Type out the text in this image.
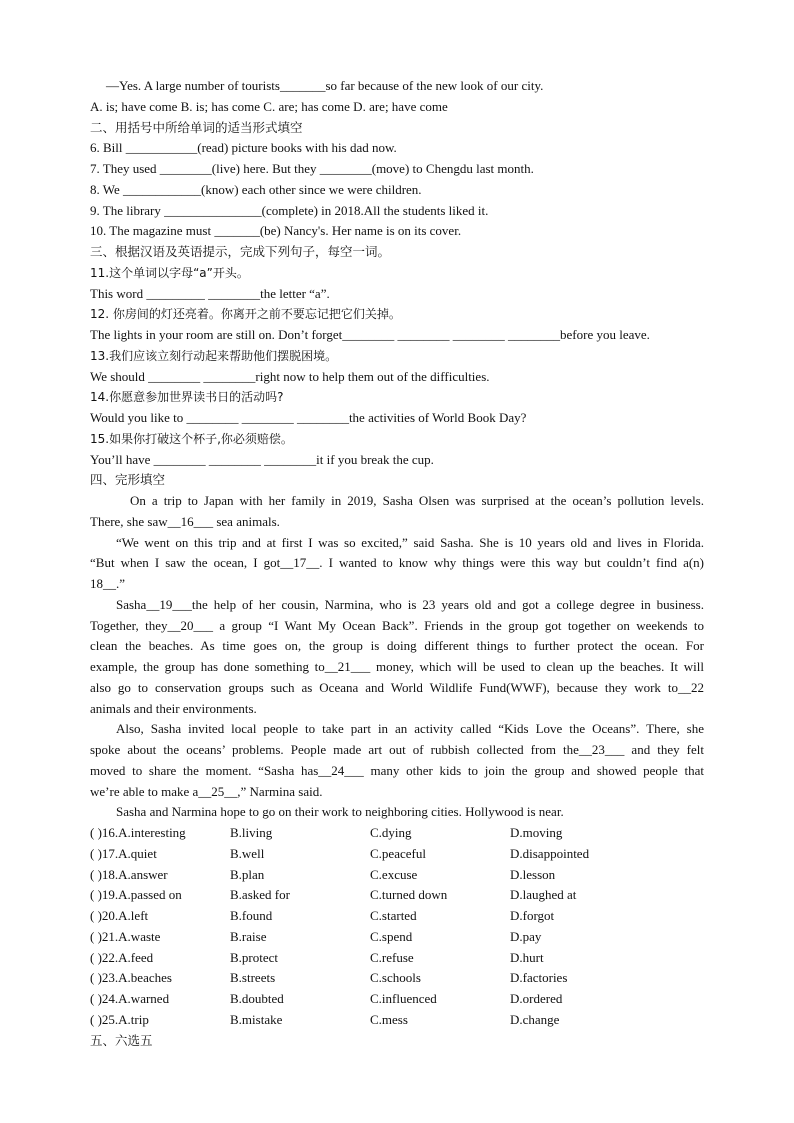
—Yes. A large number of tourists_______so far because of the new look of our city.
A. is; have come B. is; has come C. are; has come D. are; have come
二、用括号中所给单词的适当形式填空
6. Bill ___________(read) picture books with his dad now.
7. They used ________(live) here. But they ________(move) to Chengdu last month.
8. We ____________(know) each other since we were children.
9. The library _______________(complete) in 2018.All the students liked it.
10. The magazine must _______(be) Nancy's. Her name is on its cover.
三、根据汉语及英语提示，完成下列句子，每空一词。
11.这个单词以字母“a”开头。
This word _________ ________the letter “a”.
12. 你房间的灯还亮着。你离开之前不要忘记把它们关掉。
The lights in your room are still on. Don’t forget________ ________ ________ ________before you leave.
13.我们应该立刻行动起来帮助他们摆脱困境。
We should ________ ________right now to help them out of the difficulties.
14.你愿意参加世界读书日的活动吗?
Would you like to ________ ________ ________the activities of World Book Day?
15.如果你打破这个杯子,你必须赔偿。
You’ll have ________ ________ ________it if you break the cup.
四、完形填空
On a trip to Japan with her family in 2019, Sasha Olsen was surprised at the ocean’s pollution levels.
There, she saw__16___ sea animals.
“We went on this trip and at first I was so excited,” said Sasha. She is 10 years old and lives in Florida.
“But when I saw the ocean, I got__17__. I wanted to know why things were this way but couldn’t find a(n)
18__.”
Sasha__19___the help of her cousin, Narmina, who is 23 years old and got a college degree in business.
Together, they__20___ a group “I Want My Ocean Back”. Friends in the group got together on weekends to
clean the beaches. As time goes on, the group is doing different things to further protect the ocean. For
example, the group has done something to__21___ money, which will be used to clean up the beaches. It will
also go to conservation groups such as Oceana and World Wildlife Fund(WWF), because they work to__22
animals and their environments.
Also, Sasha invited local people to take part in an activity called “Kids Love the Oceans”. There, she
spoke about the oceans’ problems. People made art out of rubbish collected from the__23___ and they felt
moved to share the moment. “Sasha has__24___ many other kids to join the group and showed people that
we’re able to make a__25__,” Narmina said.
Sasha and Narmina hope to go on their work to neighboring cities. Hollywood is near.
( )16.A.interesting	B.living	C.dying	D.moving
( )17.A.quiet	B.well	C.peaceful	D.disappointed
( )18.A.answer	B.plan	C.excuse	D.lesson
( )19.A.passed on	B.asked for	C.turned down	D.laughed at
( )20.A.left	B.found	C.started	D.forgot
( )21.A.waste	B.raise	C.spend	D.pay
( )22.A.feed	B.protect	C.refuse	D.hurt
( )23.A.beaches	B.streets	C.schools	D.factories
( )24.A.warned	B.doubted	C.influenced	D.ordered
( )25.A.trip	B.mistake	C.mess	D.change
五、六选五
